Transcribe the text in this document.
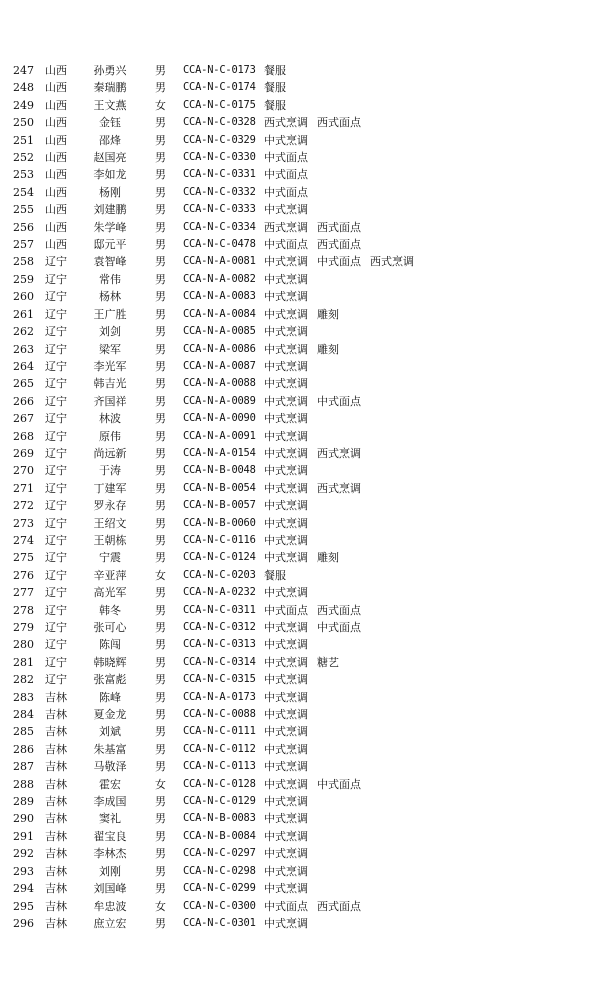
247 山西	孙勇兴	男 CCA-N-C-0173 餐服
248 山西	秦瑞鹏	男 CCA-N-C-0174 餐服
249 山西	王文燕	女 CCA-N-C-0175 餐服
250 山西	金钰	男 CCA-N-C-0328 西式烹调 西式面点
251 山西	邵烽	男 CCA-N-C-0329 中式烹调
252 山西	赵国亮	男 CCA-N-C-0330 中式面点
253 山西	李如龙	男 CCA-N-C-0331 中式面点
254 山西	杨刚	男 CCA-N-C-0332 中式面点
255 山西	刘建鹏	男 CCA-N-C-0333 中式烹调
256 山西	朱学峰	男 CCA-N-C-0334 西式烹调 西式面点
257 山西	邸元平	男 CCA-N-C-0478 中式面点 西式面点
258 辽宁	袁智峰	男 CCA-N-A-0081 中式烹调 中式面点 西式烹调
259 辽宁	常伟	男 CCA-N-A-0082 中式烹调
260 辽宁	杨林	男 CCA-N-A-0083 中式烹调
261 辽宁	王广胜	男 CCA-N-A-0084 中式烹调 雕刻
262 辽宁	刘剑	男 CCA-N-A-0085 中式烹调
263 辽宁	梁军	男 CCA-N-A-0086 中式烹调 雕刻
264 辽宁	李光军	男 CCA-N-A-0087 中式烹调
265 辽宁	韩吉光	男 CCA-N-A-0088 中式烹调
266 辽宁	齐国祥	男 CCA-N-A-0089 中式烹调 中式面点
267 辽宁	林波	男 CCA-N-A-0090 中式烹调
268 辽宁	原伟	男 CCA-N-A-0091 中式烹调
269 辽宁	尚远新	男 CCA-N-A-0154 中式烹调 西式烹调
270 辽宁	于涛	男 CCA-N-B-0048 中式烹调
271 辽宁	丁建军	男 CCA-N-B-0054 中式烹调 西式烹调
272 辽宁	罗永存	男 CCA-N-B-0057 中式烹调
273 辽宁	王绍文	男 CCA-N-B-0060 中式烹调
274 辽宁	王朝栋	男 CCA-N-C-0116 中式烹调
275 辽宁	宁震	男 CCA-N-C-0124 中式烹调 雕刻
276 辽宁	辛亚萍	女 CCA-N-C-0203 餐服
277 辽宁	高光军	男 CCA-N-A-0232 中式烹调
278 辽宁	韩冬	男 CCA-N-C-0311 中式面点 西式面点
279 辽宁	张可心	男 CCA-N-C-0312 中式烹调 中式面点
280 辽宁	陈闯	男 CCA-N-C-0313 中式烹调
281 辽宁	韩晓辉	男 CCA-N-C-0314 中式烹调 糖艺
282 辽宁	张富彪	男 CCA-N-C-0315 中式烹调
283 吉林	陈峰	男 CCA-N-A-0173 中式烹调
284 吉林	夏金龙	男 CCA-N-C-0088 中式烹调
285 吉林	刘斌	男 CCA-N-C-0111 中式烹调
286 吉林	朱基富	男 CCA-N-C-0112 中式烹调
287 吉林	马敬泽	男 CCA-N-C-0113 中式烹调
288 吉林	霍宏	女 CCA-N-C-0128 中式烹调 中式面点
289 吉林	李成国	男 CCA-N-C-0129 中式烹调
290 吉林	窦礼	男 CCA-N-B-0083 中式烹调
291 吉林	翟宝良	男 CCA-N-B-0084 中式烹调
292 吉林	李林杰	男 CCA-N-C-0297 中式烹调
293 吉林	刘刚	男 CCA-N-C-0298 中式烹调
294 吉林	刘国峰	男 CCA-N-C-0299 中式烹调
295 吉林	牟忠波	女 CCA-N-C-0300 中式面点 西式面点
296 吉林	庶立宏	男 CCA-N-C-0301 中式烹调
